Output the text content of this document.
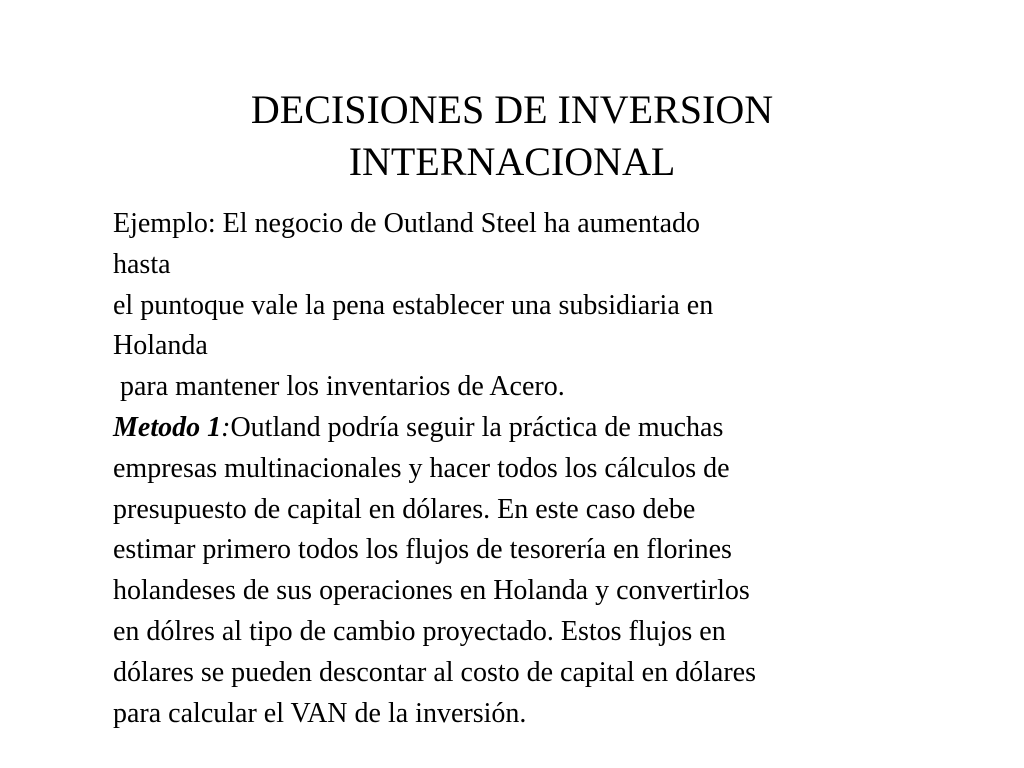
DECISIONES DE INVERSION
INTERNACIONAL
Ejemplo: El negocio de Outland Steel ha aumentado
hasta
el puntoque vale la pena establecer una subsidiaria en
Holanda
para mantener los inventarios de Acero.
Metodo 1:Outland podría seguir la práctica de muchas
empresas multinacionales y hacer todos los cálculos de
presupuesto de capital en dólares. En este caso debe
estimar primero todos los flujos de tesorería en florines
holandeses de sus operaciones en Holanda y convertirlos
en dólres al tipo de cambio proyectado. Estos flujos en
dólares se pueden descontar al costo de capital en dólares
para calcular el VAN de la inversión.
